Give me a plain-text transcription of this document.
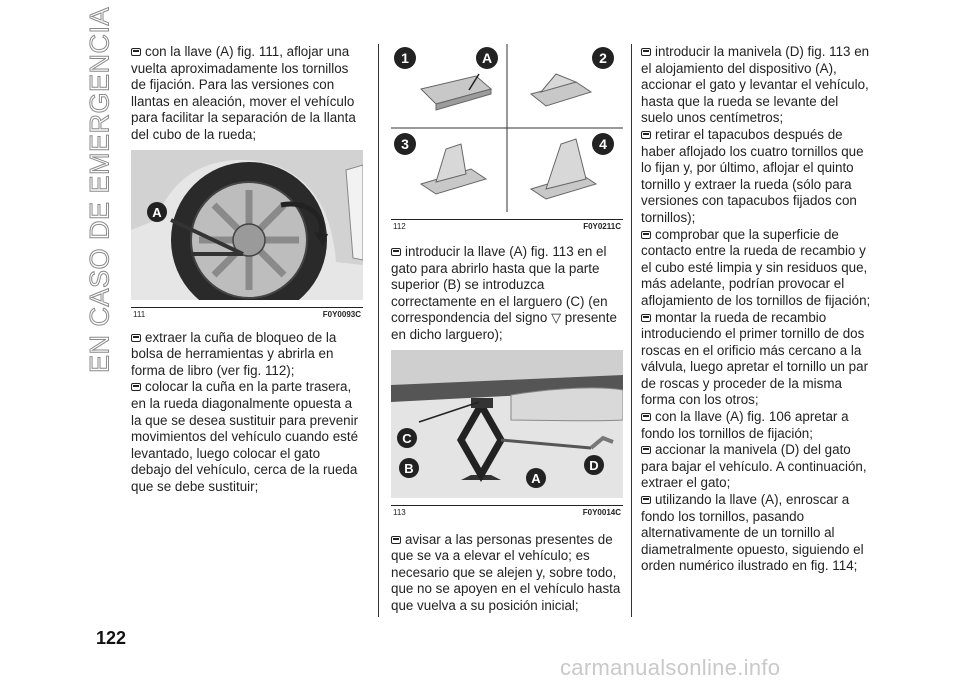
EN CASO DE EMERGENCIA	con la llave (A) fig. 111, aflojar una vuelta aproximadamente los tornillos de fijación. Para las versiones con llantas en aleación, mover el vehículo para facilitar la separación de la llanta del cubo de la rueda;

A
111	F0Y0093C

extraer la cuña de bloqueo de la bolsa de herramientas y abrirla en forma de libro (ver fig. 112);

colocar la cuña en la parte trasera, en la rueda diagonalmente opuesta a la que se desea sustituir para prevenir movimientos del vehículo cuando esté levantado, luego colocar el gato debajo del vehículo, cerca de la rueda que se debe sustituir;

1	A	2
3	4
112	F0Y0211C

introducir la llave (A) fig. 113 en el gato para abrirlo hasta que la parte superior (B) se introduzca correctamente en el larguero (C) (en correspondencia del signo ▽ presente en dicho larguero);

C
B
A
D
113	F0Y0014C

avisar a las personas presentes de que se va a elevar el vehículo; es necesario que se alejen y, sobre todo, que no se apoyen en el vehículo hasta que vuelva a su posición inicial;

introducir la manivela (D) fig. 113 en el alojamiento del dispositivo (A), accionar el gato y levantar el vehículo, hasta que la rueda se levante del suelo unos centímetros;

retirar el tapacubos después de haber aflojado los cuatro tornillos que lo fijan y, por último, aflojar el quinto tornillo y extraer la rueda (sólo para versiones con tapacubos fijados con tornillos);

comprobar que la superficie de contacto entre la rueda de recambio y el cubo esté limpia y sin residuos que, más adelante, podrían provocar el aflojamiento de los tornillos de fijación;

montar la rueda de recambio introduciendo el primer tornillo de dos roscas en el orificio más cercano a la válvula, luego apretar el tornillo un par de roscas y proceder de la misma forma con los otros;

con la llave (A) fig. 106 apretar a fondo los tornillos de fijación;

accionar la manivela (D) del gato para bajar el vehículo. A continuación, extraer el gato;

utilizando la llave (A), enroscar a fondo los tornillos, pasando alternativamente de un tornillo al diametralmente opuesto, siguiendo el orden numérico ilustrado en fig. 114;

122
carmanualsonline.info
